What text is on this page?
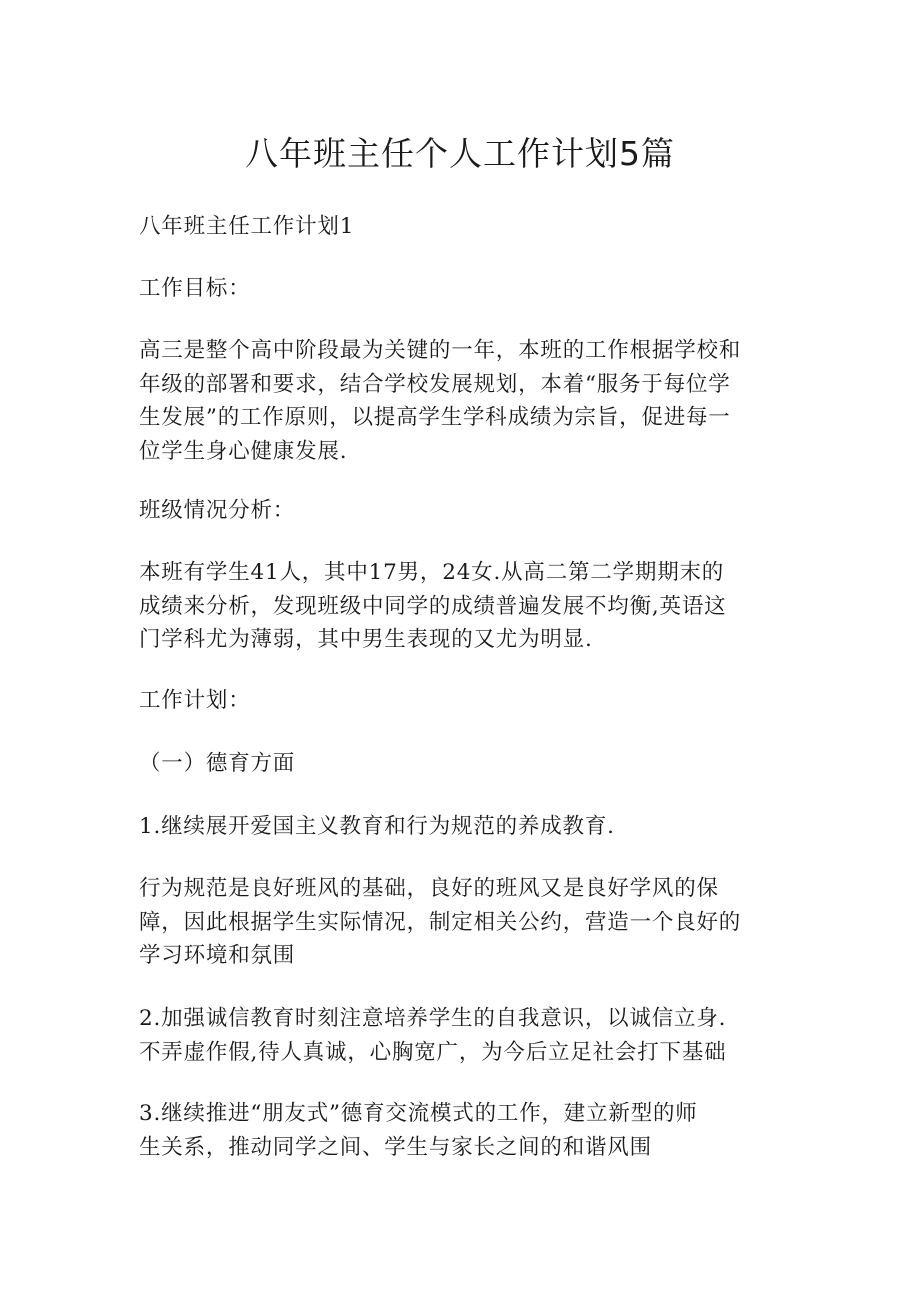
八年班主任个人工作计划5篇

八年班主任工作计划1

工作目标：

高三是整个高中阶段最为关键的一年，本班的工作根据学校和
年级的部署和要求，结合学校发展规划，本着“服务于每位学
生发展”的工作原则，以提高学生学科成绩为宗旨，促进每一
位学生身心健康发展.

班级情况分析：

本班有学生41人，其中17男，24女.从高二第二学期期末的
成绩来分析，发现班级中同学的成绩普遍发展不均衡,英语这
门学科尤为薄弱，其中男生表现的又尤为明显.

工作计划：

（一）德育方面

1.继续展开爱国主义教育和行为规范的养成教育.

行为规范是良好班风的基础，良好的班风又是良好学风的保
障，因此根据学生实际情况，制定相关公约，营造一个良好的
学习环境和氛围

2.加强诚信教育时刻注意培养学生的自我意识，以诚信立身.
不弄虚作假,待人真诚，心胸宽广，为今后立足社会打下基础

3.继续推进“朋友式”德育交流模式的工作，建立新型的师
生关系，推动同学之间、学生与家长之间的和谐风围
